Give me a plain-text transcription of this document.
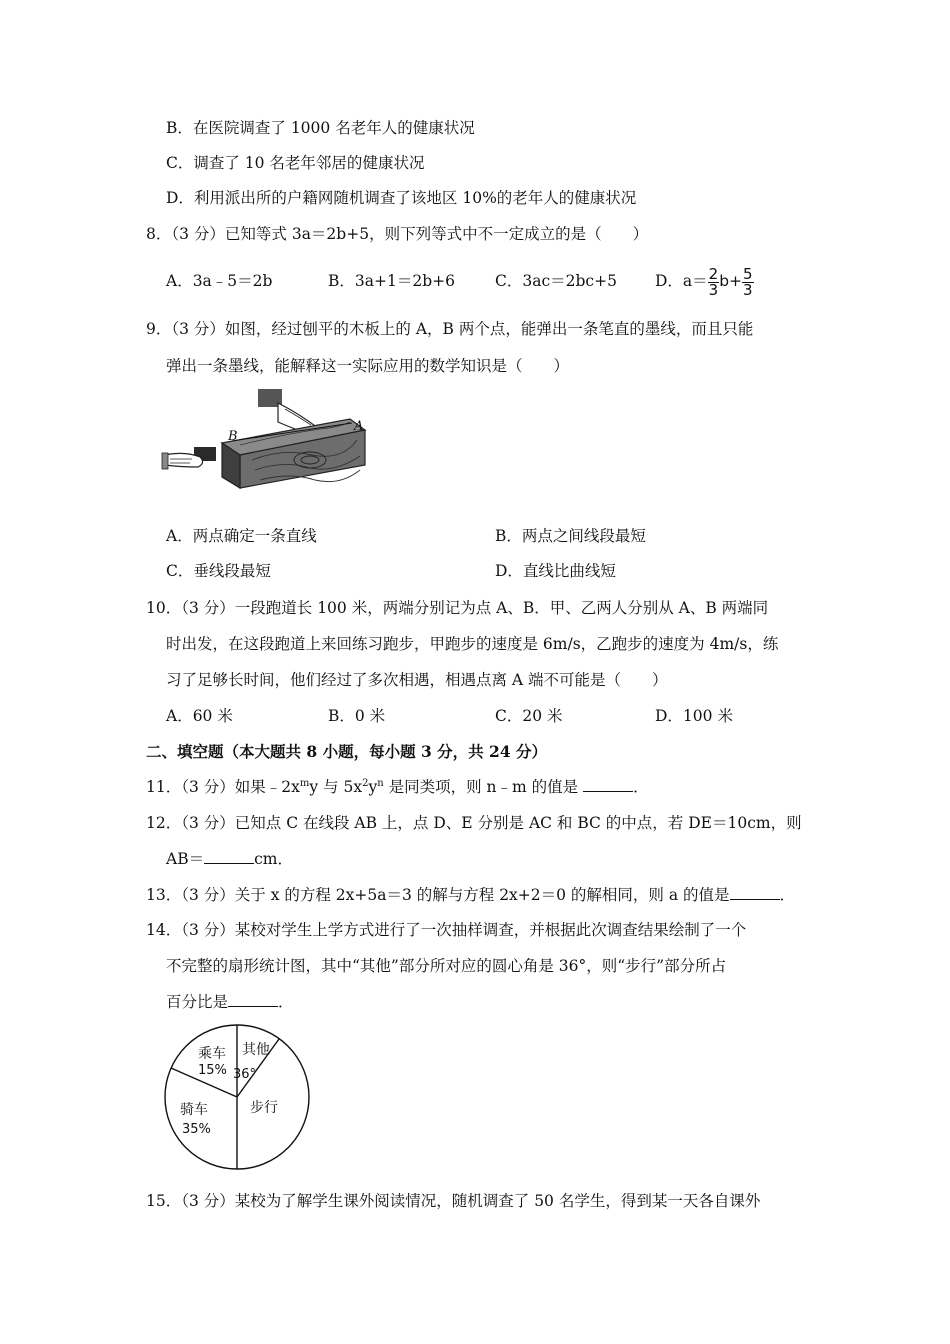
B．在医院调查了 1000 名老年人的健康状况
C．调查了 10 名老年邻居的健康状况
D．利用派出所的户籍网随机调查了该地区 10%的老年人的健康状况
8．（3 分）已知等式 3a＝2b+5，则下列等式中不一定成立的是（　　）
A．3a﹣5＝2b	B．3a+1＝2b+6	C．3ac＝2bc+5 D．$a= \frac{2}{3} b+ \frac{5}{3}$
9．（3 分）如图，经过刨平的木板上的 A，B 两个点，能弹出一条笔直的墨线，而且只能
弹出一条墨线，能解释这一实际应用的数学知识是（　　）
B
A
A．两点确定一条直线	B．两点之间线段最短
C．垂线段最短	D．直线比曲线短
10．（3 分）一段跑道长 100 米，两端分别记为点 A、B．甲、乙两人分别从 A、B 两端同
时出发，在这段跑道上来回练习跑步，甲跑步的速度是 6m/s，乙跑步的速度为 4m/s，练
习了足够长时间，他们经过了多次相遇，相遇点离 A 端不可能是（　　）
A．60 米	B．0 米	C．20 米	D．100 米
二、填空题（本大题共 8 小题，每小题 3 分，共 24 分）
11．（3 分）如果$﹣2x^my$ 与 $5x^2y^n$ 是同类项，则 n﹣m 的值是	．
12．（3 分）已知点 C 在线段 AB 上，点 D、E 分别是 AC 和 BC 的中点，若 DE＝10cm，则
AB＝	cm．
13．（3 分）关于 x 的方程 2x+5a＝3 的解与方程 2x+2＝0 的解相同，则 a 的值是	．
14．（3 分）某校对学生上学方式进行了一次抽样调查，并根据此次调查结果绘制了一个
不完整的扇形统计图，其中“其他”部分所对应的圆心角是 36°，则“步行”部分所占
百分比是	．
乘车
15%
其他
36°
骑车
35%
步行
15．（3 分）某校为了解学生课外阅读情况，随机调查了 50 名学生，得到某一天各自课外
